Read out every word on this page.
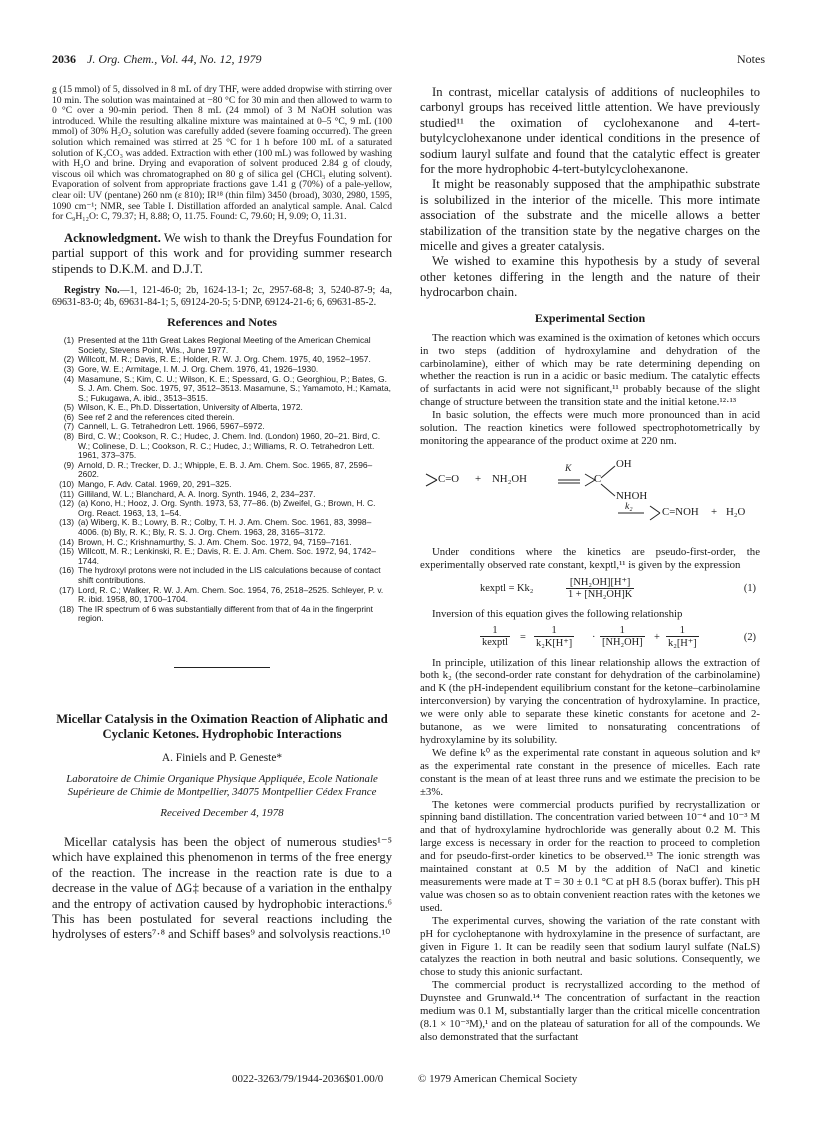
2036 J. Org. Chem., Vol. 44, No. 12, 1979	Notes

g (15 mmol) of 5, dissolved in 8 mL of dry THF, were added dropwise with stirring over 10 min. The solution was maintained at −80 °C for 30 min and then allowed to warm to 0 °C over a 90-min period. Then 8 mL (24 mmol) of 3 M NaOH solution was introduced. While the resulting alkaline mixture was maintained at 0–5 °C, 9 mL (100 mmol) of 30% H₂O₂ solution was carefully added (severe foaming occurred). The green solution which remained was stirred at 25 °C for 1 h before 100 mL of a saturated solution of K₂CO₃ was added. Extraction with ether (100 mL) was followed by washing with H₂O and brine. Drying and evaporation of solvent produced 2.84 g of cloudy, viscous oil which was chromatographed on 80 g of silica gel (CHCl₃ eluting solvent). Evaporation of solvent from appropriate fractions gave 1.41 g (70%) of a pale-yellow, clear oil: UV (pentane) 260 nm (ε 810); IR¹⁸ (thin film) 3450 (broad), 3030, 2980, 1595, 1090 cm⁻¹; NMR, see Table I. Distillation afforded an analytical sample. Anal. Calcd for C₉H₁₂O: C, 79.37; H, 8.88; O, 11.75. Found: C, 79.60; H, 9.09; O, 11.31.

Acknowledgment. We wish to thank the Dreyfus Foundation for partial support of this work and for providing summer research stipends to D.K.M. and D.J.T.

Registry No.—1, 121-46-0; 2b, 1624-13-1; 2c, 2957-68-8; 3, 5240-87-9; 4a, 69631-83-0; 4b, 69631-84-1; 5, 69124-20-5; 5·DNP, 69124-21-6; 6, 69631-85-2.

References and Notes
(1) Presented at the 11th Great Lakes Regional Meeting of the American Chemical Society, Stevens Point, Wis., June 1977.
(2) Willcott, M. R.; Davis, R. E.; Holder, R. W. J. Org. Chem. 1975, 40, 1952–1957.
(3) Gore, W. E.; Armitage, I. M. J. Org. Chem. 1976, 41, 1926–1930.
(4) Masamune, S.; Kim, C. U.; Wilson, K. E.; Spessard, G. O.; Georghiou, P.; Bates, G. S. J. Am. Chem. Soc. 1975, 97, 3512–3513. Masamune, S.; Yamamoto, H.; Kamata, S.; Fukugawa, A. ibid., 3513–3515.
(5) Wilson, K. E., Ph.D. Dissertation, University of Alberta, 1972.
(6) See ref 2 and the references cited therein.
(7) Cannell, L. G. Tetrahedron Lett. 1966, 5967–5972.
(8) Bird, C. W.; Cookson, R. C.; Hudec, J. Chem. Ind. (London) 1960, 20–21. Bird, C. W.; Colinese, D. L.; Cookson, R. C.; Hudec, J.; Williams, R. O. Tetrahedron Lett. 1961, 373–375.
(9) Arnold, D. R.; Trecker, D. J.; Whipple, E. B. J. Am. Chem. Soc. 1965, 87, 2596–2602.
(10) Mango, F. Adv. Catal. 1969, 20, 291–325.
(11) Gilliland, W. L.; Blanchard, A. A. Inorg. Synth. 1946, 2, 234–237.
(12) (a) Kono, H.; Hooz, J. Org. Synth. 1973, 53, 77–86. (b) Zweifel, G.; Brown, H. C. Org. React. 1963, 13, 1–54.
(13) (a) Wiberg, K. B.; Lowry, B. R.; Colby, T. H. J. Am. Chem. Soc. 1961, 83, 3998–4006. (b) Bly, R. K.; Bly, R. S. J. Org. Chem. 1963, 28, 3165–3172.
(14) Brown, H. C.; Krishnamurthy, S. J. Am. Chem. Soc. 1972, 94, 7159–7161.
(15) Willcott, M. R.; Lenkinski, R. E.; Davis, R. E. J. Am. Chem. Soc. 1972, 94, 1742–1744.
(16) The hydroxyl protons were not included in the LIS calculations because of contact shift contributions.
(17) Lord, R. C.; Walker, R. W. J. Am. Chem. Soc. 1954, 76, 2518–2525. Schleyer, P. v. R. ibid. 1958, 80, 1700–1704.
(18) The IR spectrum of 6 was substantially different from that of 4a in the fingerprint region.
Micellar Catalysis in the Oximation Reaction of Aliphatic and Cyclanic Ketones. Hydrophobic Interactions
A. Finiels and P. Geneste*
Laboratoire de Chimie Organique Physique Appliquée, Ecole Nationale Supérieure de Chimie de Montpellier, 34075 Montpellier Cédex France
Received December 4, 1978

Micellar catalysis has been the object of numerous studies¹⁻⁵ which have explained this phenomenon in terms of the free energy of the reaction. The increase in the reaction rate is due to a decrease in the value of ΔG‡ because of a variation in the enthalpy and the entropy of activation caused by hydrophobic interactions.⁶ This has been postulated for several reactions including the hydrolyses of esters⁷·⁸ and Schiff bases⁹ and solvolysis reactions.¹⁰

In contrast, micellar catalysis of additions of nucleophiles to carbonyl groups has received little attention. We have previously studied¹¹ the oximation of cyclohexanone and 4-tert-butylcyclohexanone under identical conditions in the presence of sodium lauryl sulfate and found that the catalytic effect is greater for the more hydrophobic 4-tert-butylcyclohexanone.

It might be reasonably supposed that the amphipathic substrate is solubilized in the interior of the micelle. This more intimate association of the substrate and the micelle allows a better stabilization of the transition state by the negative charges on the micelle and gives a greater catalysis.

We wished to examine this hypothesis by a study of several other ketones differing in the length and the nature of their hydrocarbon chain.

Experimental Section

The reaction which was examined is the oximation of ketones which occurs in two steps (addition of hydroxylamine and dehydration of the carbinolamine), either of which may be rate determining depending on whether the reaction is run in a acidic or basic medium. The catalytic effects of surfactants in acid were not significant,¹¹ probably because of the slight change of structure between the transition state and the initial ketone.¹²·¹³

In basic solution, the effects were much more pronounced than in acid solution. The reaction kinetics were followed spectrophotometrically by monitoring the appearance of the product oxime at 220 nm.

C=O + NH₂OH
K	OH
C
NHOH
k₂	C=NOH + H₂O

Under conditions where the kinetics are pseudo-first-order, the experimentally observed rate constant, kexptl,¹¹ is given by the expression

kexptl = Kk₂	$\frac{\text{[NH₂OH][H⁺]}}{\text{1 + [NH₂OH]K}}$	(1)

Inversion of this equation gives the following relationship

$\frac{1}{\text{kexptl}} = \frac{1}{\text{k₂K[H⁺]}} \cdot \frac{1}{\text{[NH₂OH]}} + \frac{1}{\text{k₂[H⁺]}}$	(2)

In principle, utilization of this linear relationship allows the extraction of both k₂ (the second-order rate constant for dehydration of the carbinolamine) and K (the pH-independent equilibrium constant for the ketone–carbinolamine interconversion) by varying the concentration of hydroxylamine. In practice, we were only able to separate these kinetic constants for acetone and 2-butanone, as we were limited to nonsaturating concentrations of hydroxylamine by its solubility.

We define k⁰ as the experimental rate constant in aqueous solution and kᵠ as the experimental rate constant in the presence of micelles. Each rate constant is the mean of at least three runs and we estimate the precision to be ±3%.

The ketones were commercial products purified by recrystallization or spinning band distillation. The concentration varied between 10⁻⁴ and 10⁻³ M and that of hydroxylamine hydrochloride was generally about 0.2 M. This large excess is necessary in order for the reaction to proceed to completion and for pseudo-first-order kinetics to be observed.¹³ The ionic strength was maintained constant at 0.5 M by the addition of NaCl and kinetic measurements were made at T = 30 ± 0.1 °C at pH 8.5 (borax buffer). This pH value was chosen so as to obtain convenient reaction rates with the ketones we used.

The experimental curves, showing the variation of the rate constant with pH for cycloheptanone with hydroxylamine in the presence of surfactant, are given in Figure 1. It can be readily seen that sodium lauryl sulfate (NaLS) catalyzes the reaction in both neutral and basic solutions. Consequently, we chose to study this anionic surfactant.

The commercial product is recrystallized according to the method of Duynstee and Grunwald.¹⁴ The concentration of surfactant in the reaction medium was 0.1 M, substantially larger than the critical micelle concentration (8.1 × 10⁻³M),¹ and on the plateau of saturation for all of the compounds. We also demonstrated that the surfactant

0022-3263/79/1944-2036$01.00/0	© 1979 American Chemical Society
